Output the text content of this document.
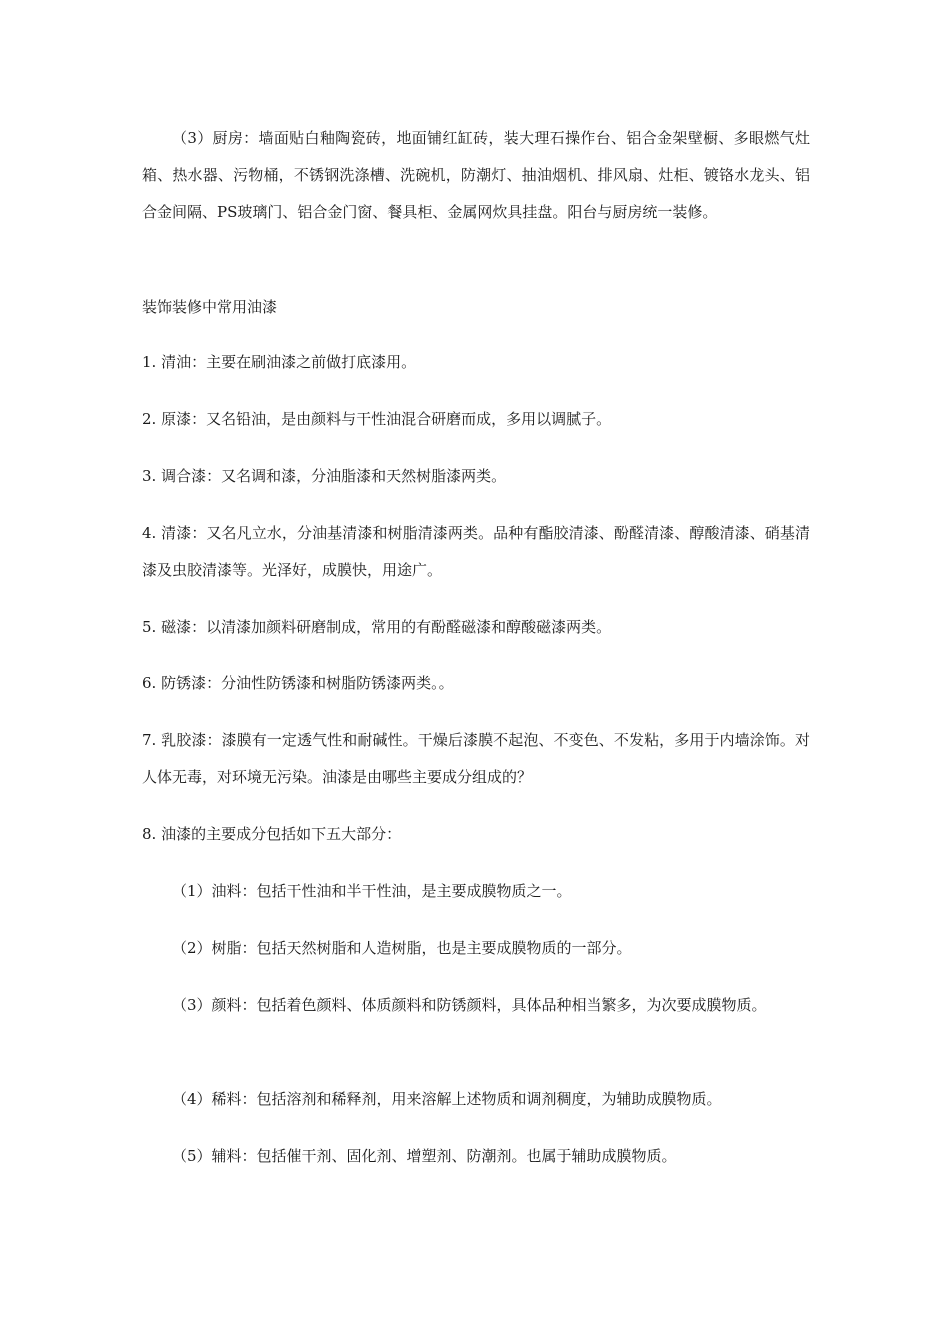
（3）厨房：墙面贴白釉陶瓷砖，地面铺红缸砖，装大理石操作台、铝合金架壁橱、多眼燃气灶箱、热水器、污物桶，不锈钢洗涤槽、洗碗机，防潮灯、抽油烟机、排风扇、灶柜、镀铬水龙头、铝合金间隔、PS玻璃门、铝合金门窗、餐具柜、金属网炊具挂盘。阳台与厨房统一装修。

装饰装修中常用油漆

1. 清油：主要在刷油漆之前做打底漆用。

2. 原漆：又名铅油，是由颜料与干性油混合研磨而成，多用以调腻子。

3. 调合漆：又名调和漆，分油脂漆和天然树脂漆两类。

4. 清漆：又名凡立水，分油基清漆和树脂清漆两类。品种有酯胶清漆、酚醛清漆、醇酸清漆、硝基清漆及虫胶清漆等。光泽好，成膜快，用途广。

5. 磁漆：以清漆加颜料研磨制成，常用的有酚醛磁漆和醇酸磁漆两类。

6. 防锈漆：分油性防锈漆和树脂防锈漆两类。。

7. 乳胶漆：漆膜有一定透气性和耐碱性。干燥后漆膜不起泡、不变色、不发粘，多用于内墙涂饰。对人体无毒，对环境无污染。油漆是由哪些主要成分组成的？

8. 油漆的主要成分包括如下五大部分：

（1）油料：包括干性油和半干性油，是主要成膜物质之一。

（2）树脂：包括天然树脂和人造树脂，也是主要成膜物质的一部分。

（3）颜料：包括着色颜料、体质颜料和防锈颜料，具体品种相当繁多，为次要成膜物质。

（4）稀料：包括溶剂和稀释剂，用来溶解上述物质和调剂稠度，为辅助成膜物质。

（5）辅料：包括催干剂、固化剂、增塑剂、防潮剂。也属于辅助成膜物质。
